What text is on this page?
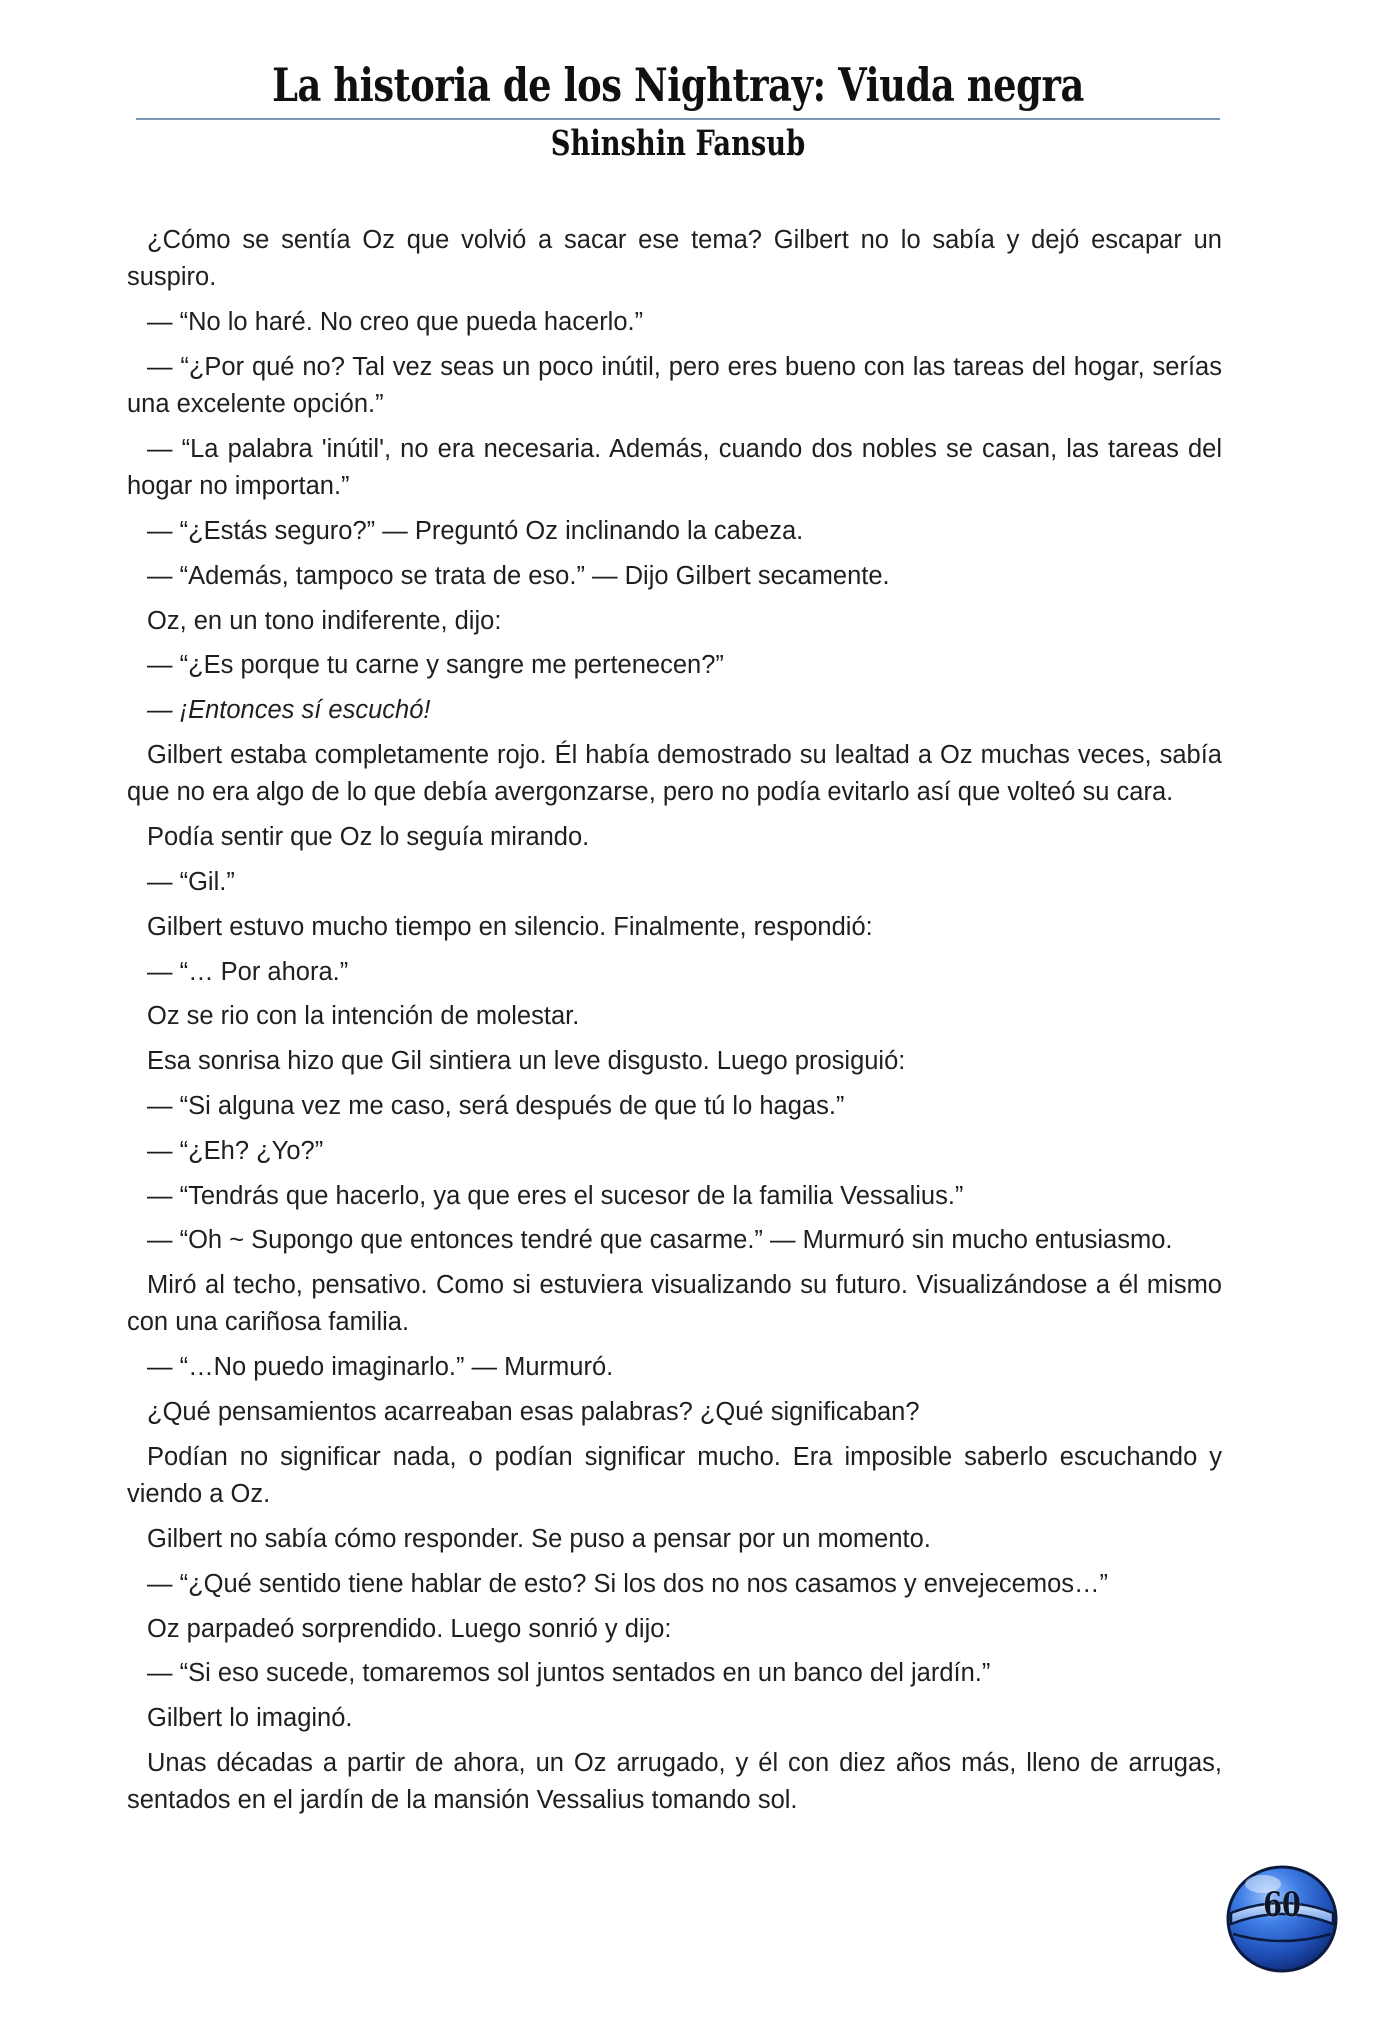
La historia de los Nightray: Viuda negra
Shinshin Fansub

¿Cómo se sentía Oz que volvió a sacar ese tema? Gilbert no lo sabía y dejó escapar un suspiro.

— “No lo haré. No creo que pueda hacerlo.”

— “¿Por qué no? Tal vez seas un poco inútil, pero eres bueno con las tareas del hogar, serías una excelente opción.”

— “La palabra 'inútil', no era necesaria. Además, cuando dos nobles se casan, las tareas del hogar no importan.”

— “¿Estás seguro?” — Preguntó Oz inclinando la cabeza.

— “Además, tampoco se trata de eso.” — Dijo Gilbert secamente.

Oz, en un tono indiferente, dijo:

— “¿Es porque tu carne y sangre me pertenecen?”

— ¡Entonces sí escuchó!

Gilbert estaba completamente rojo. Él había demostrado su lealtad a Oz muchas veces, sabía que no era algo de lo que debía avergonzarse, pero no podía evitarlo así que volteó su cara.

Podía sentir que Oz lo seguía mirando.

— “Gil.”

Gilbert estuvo mucho tiempo en silencio. Finalmente, respondió:

— “… Por ahora.”

Oz se rio con la intención de molestar.

Esa sonrisa hizo que Gil sintiera un leve disgusto. Luego prosiguió:

— “Si alguna vez me caso, será después de que tú lo hagas.”

— “¿Eh? ¿Yo?”

— “Tendrás que hacerlo, ya que eres el sucesor de la familia Vessalius.”

— “Oh ~ Supongo que entonces tendré que casarme.” — Murmuró sin mucho entusiasmo.

Miró al techo, pensativo. Como si estuviera visualizando su futuro. Visualizándose a él mismo con una cariñosa familia.

— “…No puedo imaginarlo.” — Murmuró.

¿Qué pensamientos acarreaban esas palabras? ¿Qué significaban?

Podían no significar nada, o podían significar mucho. Era imposible saberlo escuchando y viendo a Oz.

Gilbert no sabía cómo responder. Se puso a pensar por un momento.

— “¿Qué sentido tiene hablar de esto? Si los dos no nos casamos y envejecemos…”

Oz parpadeó sorprendido. Luego sonrió y dijo:

— “Si eso sucede, tomaremos sol juntos sentados en un banco del jardín.”

Gilbert lo imaginó.

Unas décadas a partir de ahora, un Oz arrugado, y él con diez años más, lleno de arrugas, sentados en el jardín de la mansión Vessalius tomando sol.

60
